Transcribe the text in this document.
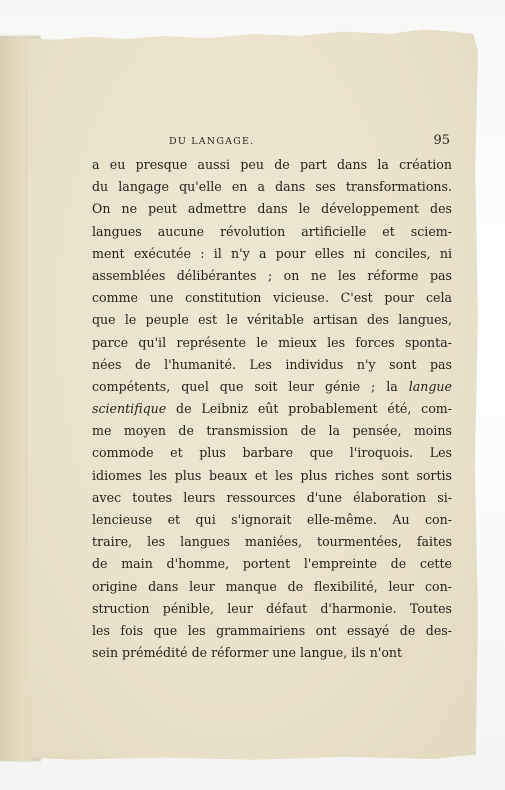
DU LANGAGE.	95
a eu presque aussi peu de part dans la création
du langage qu'elle en a dans ses transformations.
On ne peut admettre dans le développement des
langues aucune révolution artificielle et sciem-
ment exécutée : il n'y a pour elles ni conciles, ni
assemblées délibérantes ; on ne les réforme pas
comme une constitution vicieuse. C'est pour cela
que le peuple est le véritable artisan des langues,
parce qu'il représente le mieux les forces sponta-
nées de l'humanité. Les individus n'y sont pas
compétents, quel que soit leur génie ; la langue
scientifique de Leibniz eût probablement été, com-
me moyen de transmission de la pensée, moins
commode et plus barbare que l'iroquois. Les
idiomes les plus beaux et les plus riches sont sortis
avec toutes leurs ressources d'une élaboration si-
lencieuse et qui s'ignorait elle-même. Au con-
traire, les langues maniées, tourmentées, faites
de main d'homme, portent l'empreinte de cette
origine dans leur manque de flexibilité, leur con-
struction pénible, leur défaut d'harmonie. Toutes
les fois que les grammairiens ont essayé de des-
sein prémédité de réformer une langue, ils n'ont
